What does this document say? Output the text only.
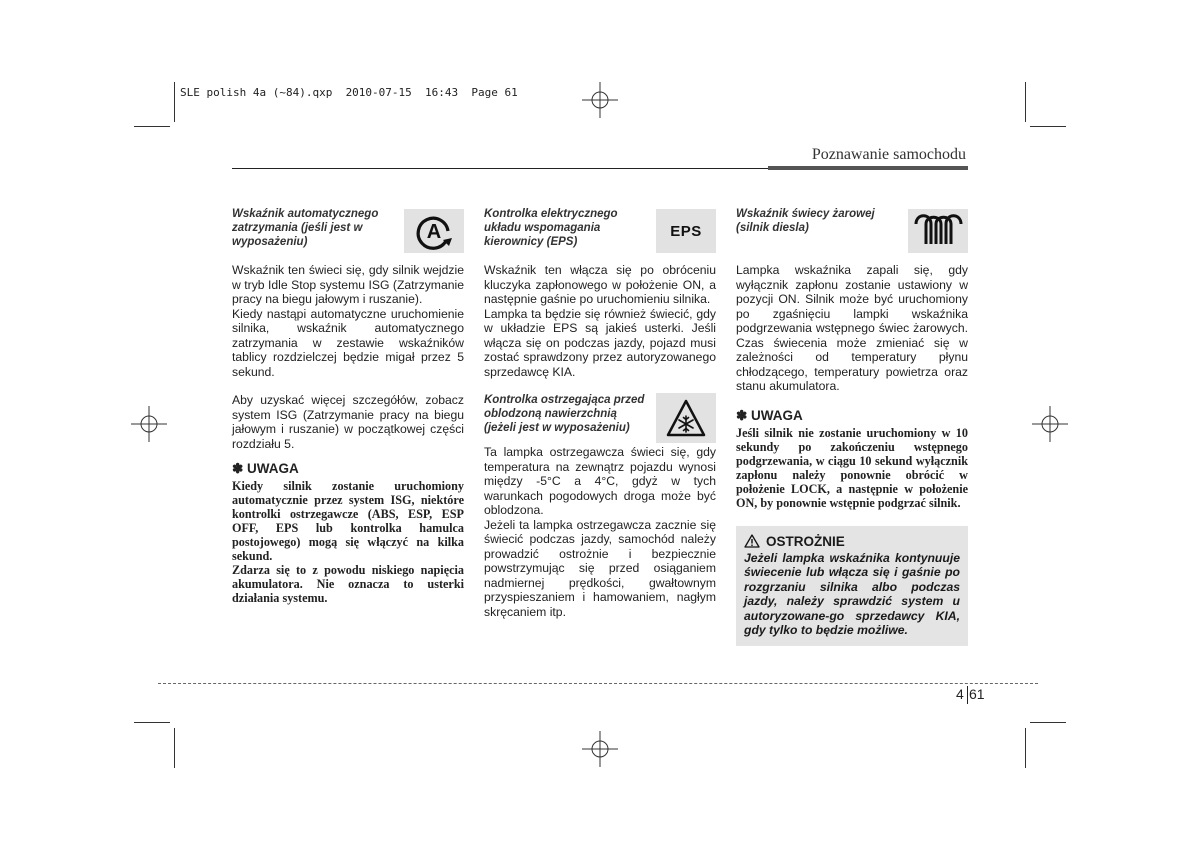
SLE polish 4a (~84).qxp  2010-07-15  16:43  Page 61
Poznawanie samochodu
Wskaźnik automatycznego zatrzymania (jeśli jest w wyposażeniu)	A

Wskaźnik ten świeci się, gdy silnik wejdzie w tryb Idle Stop systemu ISG (Zatrzymanie pracy na biegu jałowym i ruszanie).

Kiedy nastąpi automatyczne uruchomienie silnika, wskaźnik automatycznego zatrzymania w zestawie wskaźników tablicy rozdzielczej będzie migał przez 5 sekund.

Aby uzyskać więcej szczegółów, zobacz system ISG (Zatrzymanie pracy na biegu jałowym i ruszanie) w początkowej części rozdziału 5.

✽ UWAGA

Kiedy silnik zostanie uruchomiony automatycznie przez system ISG, niektóre kontrolki ostrzegawcze (ABS, ESP, ESP OFF, EPS lub kontrolka hamulca postojowego) mogą się włączyć na kilka sekund.

Zdarza się to z powodu niskiego napięcia akumulatora. Nie oznacza to usterki działania systemu.

Kontrolka elektrycznego układu wspomagania kierownicy (EPS)
EPS

Wskaźnik ten włącza się po obróceniu kluczyka zapłonowego w położenie ON, a następnie gaśnie po uruchomieniu silnika.

Lampka ta będzie się również świecić, gdy w układzie EPS są jakieś usterki. Jeśli włącza się on podczas jazdy, pojazd musi zostać sprawdzony przez autoryzowanego sprzedawcę KIA.

Kontrolka ostrzegająca przed oblodzoną nawierzchnią (jeżeli jest w wyposażeniu)

Ta lampka ostrzegawcza świeci się, gdy temperatura na zewnątrz pojazdu wynosi między -5°C a 4°C, gdyż w tych warunkach pogodowych droga może być oblodzona.

Jeżeli ta lampka ostrzegawcza zacznie się świecić podczas jazdy, samochód należy prowadzić ostrożnie i bezpiecznie powstrzymując się przed osiąganiem nadmiernej prędkości, gwałtownym przyspieszaniem i hamowaniem, nagłym skręcaniem itp.

Wskaźnik świecy żarowej (silnik diesla)

Lampka wskaźnika zapali się, gdy wyłącznik zapłonu zostanie ustawiony w pozycji ON. Silnik może być uruchomiony po zgaśnięciu lampki wskaźnika podgrzewania wstępnego świec żarowych. Czas świecenia może zmieniać się w zależności od temperatury płynu chłodzącego, temperatury powietrza oraz stanu akumulatora.

✽ UWAGA

Jeśli silnik nie zostanie uruchomiony w 10 sekundy po zakończeniu wstępnego podgrzewania, w ciągu 10 sekund wyłącznik zapłonu należy ponownie obrócić w położenie LOCK, a następnie w położenie ON, by ponownie wstępnie podgrzać silnik.

OSTROŻNIE

Jeżeli lampka wskaźnika kontynuuje świecenie lub włącza się i gaśnie po rozgrzaniu silnika albo podczas jazdy, należy sprawdzić system u autoryzowane-go sprzedawcy KIA, gdy tylko to będzie możliwe.

4 61
